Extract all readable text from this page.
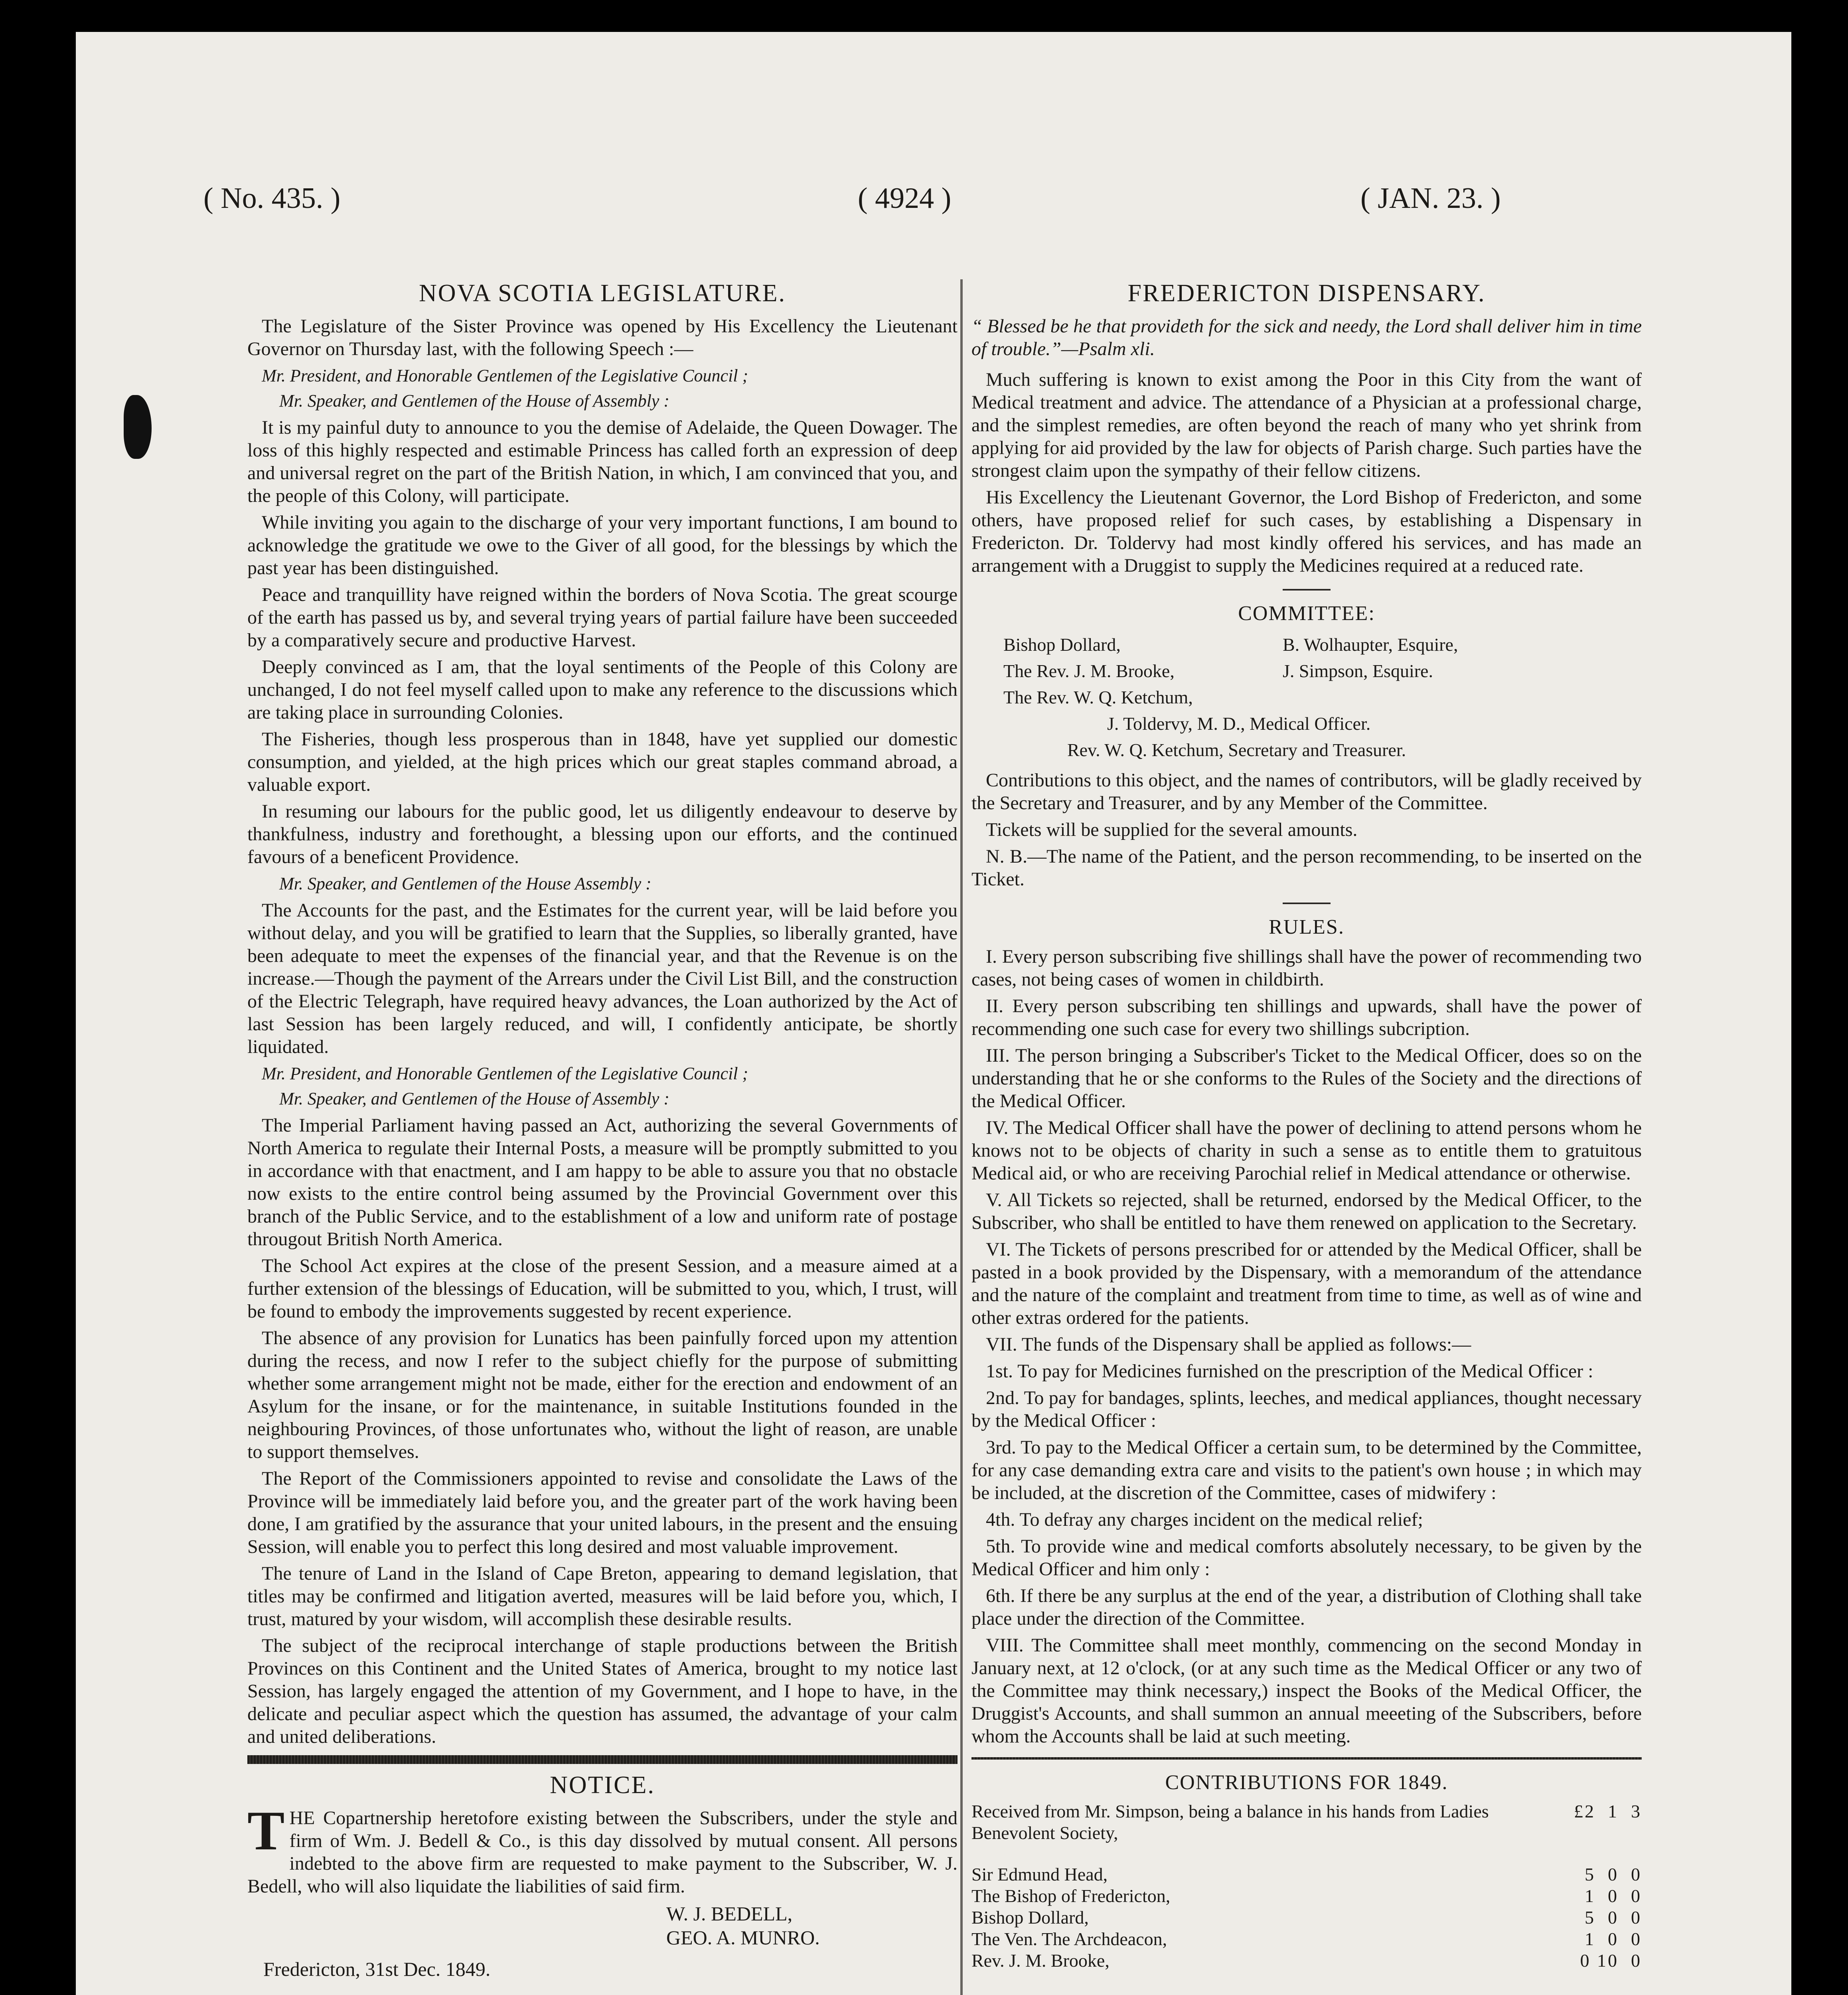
( No. 435. )	( 4924 )	( JAN. 23. )
NOVA SCOTIA LEGISLATURE.

The Legislature of the Sister Province was opened by His Excellency the Lieutenant Governor on Thursday last, with the following Speech :—

Mr. President, and Honorable Gentlemen of the Legislative Council ;

Mr. Speaker, and Gentlemen of the House of Assembly :

It is my painful duty to announce to you the demise of Adelaide, the Queen Dowager. The loss of this highly respected and estimable Princess has called forth an expression of deep and universal regret on the part of the British Nation, in which, I am convinced that you, and the people of this Colony, will participate.

While inviting you again to the discharge of your very important functions, I am bound to acknowledge the gratitude we owe to the Giver of all good, for the blessings by which the past year has been distinguished.

Peace and tranquillity have reigned within the borders of Nova Scotia. The great scourge of the earth has passed us by, and several trying years of partial failure have been succeeded by a comparatively secure and productive Harvest.

Deeply convinced as I am, that the loyal sentiments of the People of this Colony are unchanged, I do not feel myself called upon to make any reference to the discussions which are taking place in surrounding Colonies.

The Fisheries, though less prosperous than in 1848, have yet supplied our domestic consumption, and yielded, at the high prices which our great staples command abroad, a valuable export.

In resuming our labours for the public good, let us diligently endeavour to deserve by thankfulness, industry and forethought, a blessing upon our efforts, and the continued favours of a beneficent Providence.

Mr. Speaker, and Gentlemen of the House Assembly :

The Accounts for the past, and the Estimates for the current year, will be laid before you without delay, and you will be gratified to learn that the Supplies, so liberally granted, have been adequate to meet the expenses of the financial year, and that the Revenue is on the increase.—Though the payment of the Arrears under the Civil List Bill, and the construction of the Electric Telegraph, have required heavy advances, the Loan authorized by the Act of last Session has been largely reduced, and will, I confidently anticipate, be shortly liquidated.

Mr. President, and Honorable Gentlemen of the Legislative Council ;

Mr. Speaker, and Gentlemen of the House of Assembly :

The Imperial Parliament having passed an Act, authorizing the several Governments of North America to regulate their Internal Posts, a measure will be promptly submitted to you in accordance with that enactment, and I am happy to be able to assure you that no obstacle now exists to the entire control being assumed by the Provincial Government over this branch of the Public Service, and to the establishment of a low and uniform rate of postage througout British North America.

The School Act expires at the close of the present Session, and a measure aimed at a further extension of the blessings of Education, will be submitted to you, which, I trust, will be found to embody the improvements suggested by recent experience.

The absence of any provision for Lunatics has been painfully forced upon my attention during the recess, and now I refer to the subject chiefly for the purpose of submitting whether some arrangement might not be made, either for the erection and endowment of an Asylum for the insane, or for the maintenance, in suitable Institutions founded in the neighbouring Provinces, of those unfortunates who, without the light of reason, are unable to support themselves.

The Report of the Commissioners appointed to revise and consolidate the Laws of the Province will be immediately laid before you, and the greater part of the work having been done, I am gratified by the assurance that your united labours, in the present and the ensuing Session, will enable you to perfect this long desired and most valuable improvement.

The tenure of Land in the Island of Cape Breton, appearing to demand legislation, that titles may be confirmed and litigation averted, measures will be laid before you, which, I trust, matured by your wisdom, will accomplish these desirable results.

The subject of the reciprocal interchange of staple productions between the British Provinces on this Continent and the United States of America, brought to my notice last Session, has largely engaged the attention of my Government, and I hope to have, in the delicate and peculiar aspect which the question has assumed, the advantage of your calm and united deliberations.

NOTICE.

THE Copartnership heretofore existing between the Subscribers, under the style and firm of Wm. J. Bedell & Co., is this day dissolved by mutual consent. All persons indebted to the above firm are requested to make payment to the Subscriber, W. J. Bedell, who will also liquidate the liabilities of said firm.

W. J. BEDELL,
GEO. A. MUNRO.
Fredericton, 31st Dec. 1849.
FREDERICTON DISPENSARY.

“ Blessed be he that provideth for the sick and needy, the Lord shall deliver him in time of trouble.”—Psalm xli.

Much suffering is known to exist among the Poor in this City from the want of Medical treatment and advice. The attendance of a Physician at a professional charge, and the simplest remedies, are often beyond the reach of many who yet shrink from applying for aid provided by the law for objects of Parish charge. Such parties have the strongest claim upon the sympathy of their fellow citizens.

His Excellency the Lieutenant Governor, the Lord Bishop of Fredericton, and some others, have proposed relief for such cases, by establishing a Dispensary in Fredericton. Dr. Toldervy had most kindly offered his services, and has made an arrangement with a Druggist to supply the Medicines required at a reduced rate.

COMMITTEE:
Bishop Dollard,	B. Wolhaupter, Esquire,
The Rev. J. M. Brooke,	J. Simpson, Esquire.
The Rev. W. Q. Ketchum,
J. Toldervy, M. D., Medical Officer.
Rev. W. Q. Ketchum, Secretary and Treasurer.

Contributions to this object, and the names of contributors, will be gladly received by the Secretary and Treasurer, and by any Member of the Committee.

Tickets will be supplied for the several amounts.

N. B.—The name of the Patient, and the person recommending, to be inserted on the Ticket.

RULES.

I. Every person subscribing five shillings shall have the power of recommending two cases, not being cases of women in childbirth.

II. Every person subscribing ten shillings and upwards, shall have the power of recommending one such case for every two shillings subcription.

III. The person bringing a Subscriber's Ticket to the Medical Officer, does so on the understanding that he or she conforms to the Rules of the Society and the directions of the Medical Officer.

IV. The Medical Officer shall have the power of declining to attend persons whom he knows not to be objects of charity in such a sense as to entitle them to gratuitous Medical aid, or who are receiving Parochial relief in Medical attendance or otherwise.

V. All Tickets so rejected, shall be returned, endorsed by the Medical Officer, to the Subscriber, who shall be entitled to have them renewed on application to the Secretary.

VI. The Tickets of persons prescribed for or attended by the Medical Officer, shall be pasted in a book provided by the Dispensary, with a memorandum of the attendance and the nature of the complaint and treatment from time to time, as well as of wine and other extras ordered for the patients.

VII. The funds of the Dispensary shall be applied as follows:—

1st. To pay for Medicines furnished on the prescription of the Medical Officer :

2nd. To pay for bandages, splints, leeches, and medical appliances, thought necessary by the Medical Officer :

3rd. To pay to the Medical Officer a certain sum, to be determined by the Committee, for any case demanding extra care and visits to the patient's own house ; in which may be included, at the discretion of the Committee, cases of midwifery :

4th. To defray any charges incident on the medical relief;

5th. To provide wine and medical comforts absolutely necessary, to be given by the Medical Officer and him only :

6th. If there be any surplus at the end of the year, a distribution of Clothing shall take place under the direction of the Committee.

VIII. The Committee shall meet monthly, commencing on the second Monday in January next, at 12 o'clock, (or at any such time as the Medical Officer or any two of the Committee may think necessary,) inspect the Books of the Medical Officer, the Druggist's Accounts, and shall summon an annual meeeting of the Subscribers, before whom the Accounts shall be laid at such meeting.

CONTRIBUTIONS FOR 1849.
Received from Mr. Simpson, being a balance in his hands from Ladies Benevolent Society,	£2  1  3
Sir Edmund Head,	5  0  0
The Bishop of Fredericton,	1  0  0
Bishop Dollard,	5  0  0
The Ven. The Archdeacon,	1  0  0
Rev. J. M. Brooke,	0 10  0
